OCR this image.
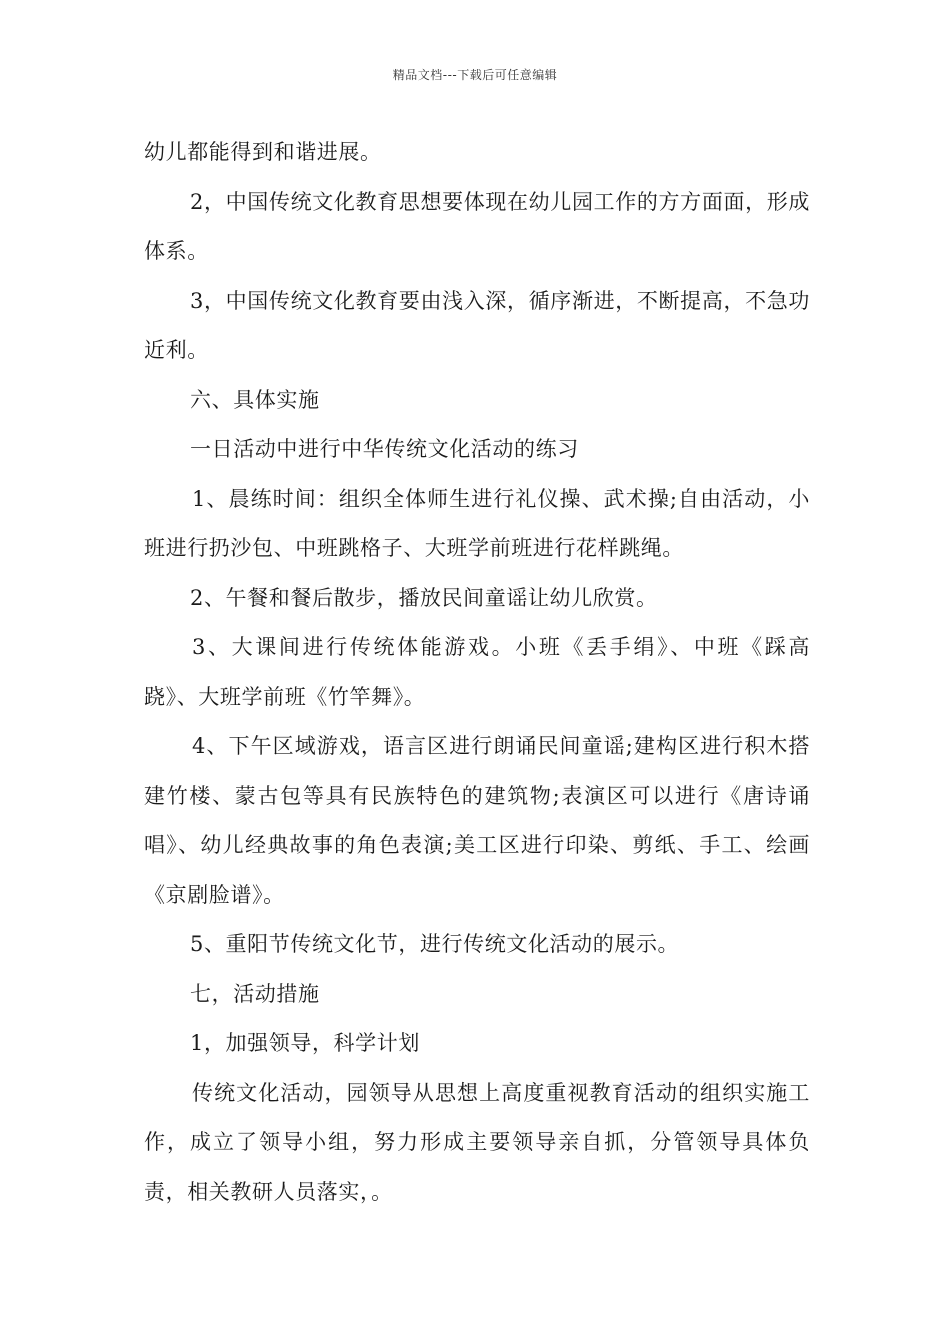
精品文档---下载后可任意编辑

幼儿都能得到和谐进展。

2，中国传统文化教育思想要体现在幼儿园工作的方方面面，形成体系。

3，中国传统文化教育要由浅入深，循序渐进，不断提高，不急功近利。

六、具体实施

一日活动中进行中华传统文化活动的练习

1、晨练时间：组织全体师生进行礼仪操、武术操;自由活动，小班进行扔沙包、中班跳格子、大班学前班进行花样跳绳。

2、午餐和餐后散步，播放民间童谣让幼儿欣赏。

3、大课间进行传统体能游戏。小班《丢手绢》、中班《踩高跷》、大班学前班《竹竿舞》。

4、下午区域游戏，语言区进行朗诵民间童谣;建构区进行积木搭建竹楼、蒙古包等具有民族特色的建筑物;表演区可以进行《唐诗诵唱》、幼儿经典故事的角色表演;美工区进行印染、剪纸、手工、绘画《京剧脸谱》。

5、重阳节传统文化节，进行传统文化活动的展示。

七，活动措施

1，加强领导，科学计划

传统文化活动，园领导从思想上高度重视教育活动的组织实施工作，成立了领导小组，努力形成主要领导亲自抓，分管领导具体负责，相关教研人员落实，。
